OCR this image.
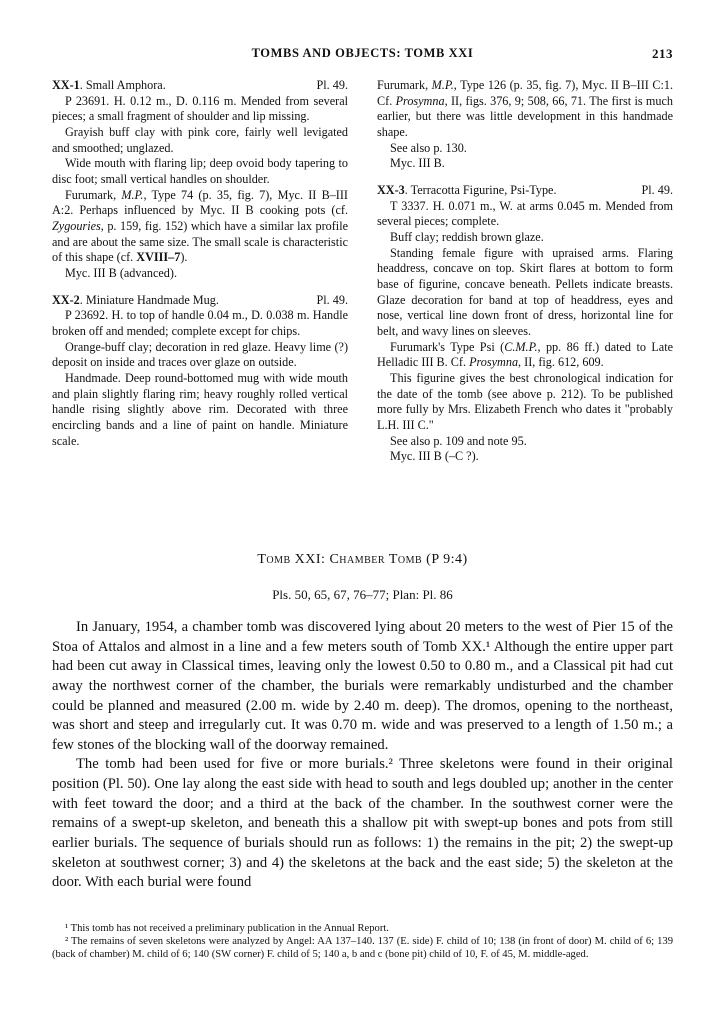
TOMBS AND OBJECTS: TOMB XXI	213

XX-1. Small Amphora.	Pl. 49.

P 23691. H. 0.12 m., D. 0.116 m. Mended from several pieces; a small fragment of shoulder and lip missing.

Grayish buff clay with pink core, fairly well levigated and smoothed; unglazed.

Wide mouth with flaring lip; deep ovoid body tapering to disc foot; small vertical handles on shoulder.

Furumark, M.P., Type 74 (p. 35, fig. 7), Myc. II B–III A:2. Perhaps influenced by Myc. II B cooking pots (cf. Zygouries, p. 159, fig. 152) which have a similar lax profile and are about the same size. The small scale is characteristic of this shape (cf. XVIII–7).

Myc. III B (advanced).

XX-2. Miniature Handmade Mug.	Pl. 49.

P 23692. H. to top of handle 0.04 m., D. 0.038 m. Handle broken off and mended; complete except for chips.

Orange-buff clay; decoration in red glaze. Heavy lime (?) deposit on inside and traces over glaze on outside.

Handmade. Deep round-bottomed mug with wide mouth and plain slightly flaring rim; heavy roughly rolled vertical handle rising slightly above rim. Decorated with three encircling bands and a line of paint on handle. Miniature scale.

Furumark, M.P., Type 126 (p. 35, fig. 7), Myc. II B–III C:1. Cf. Prosymna, II, figs. 376, 9; 508, 66, 71. The first is much earlier, but there was little development in this handmade shape.

See also p. 130.

Myc. III B.

XX-3. Terracotta Figurine, Psi-Type.	Pl. 49.

T 3337. H. 0.071 m., W. at arms 0.045 m. Mended from several pieces; complete.

Buff clay; reddish brown glaze.

Standing female figure with upraised arms. Flaring headdress, concave on top. Skirt flares at bottom to form base of figurine, concave beneath. Pellets indicate breasts. Glaze decoration for band at top of headdress, eyes and nose, vertical line down front of dress, horizontal line for belt, and wavy lines on sleeves.

Furumark's Type Psi (C.M.P., pp. 86 ff.) dated to Late Helladic III B. Cf. Prosymna, II, fig. 612, 609.

This figurine gives the best chronological indication for the date of the tomb (see above p. 212). To be published more fully by Mrs. Elizabeth French who dates it "probably L.H. III C."

See also p. 109 and note 95.

Myc. III B (–C ?).

Tomb XXI: Chamber Tomb (P 9:4)
Pls. 50, 65, 67, 76–77; Plan: Pl. 86

In January, 1954, a chamber tomb was discovered lying about 20 meters to the west of Pier 15 of the Stoa of Attalos and almost in a line and a few meters south of Tomb XX.¹ Although the entire upper part had been cut away in Classical times, leaving only the lowest 0.50 to 0.80 m., and a Classical pit had cut away the northwest corner of the chamber, the burials were remarkably undisturbed and the chamber could be planned and measured (2.00 m. wide by 2.40 m. deep). The dromos, opening to the northeast, was short and steep and irregularly cut. It was 0.70 m. wide and was preserved to a length of 1.50 m.; a few stones of the blocking wall of the doorway remained.

The tomb had been used for five or more burials.² Three skeletons were found in their original position (Pl. 50). One lay along the east side with head to south and legs doubled up; another in the center with feet toward the door; and a third at the back of the chamber. In the southwest corner were the remains of a swept-up skeleton, and beneath this a shallow pit with swept-up bones and pots from still earlier burials. The sequence of burials should run as follows: 1) the remains in the pit; 2) the swept-up skeleton at southwest corner; 3) and 4) the skeletons at the back and the east side; 5) the skeleton at the door. With each burial were found

¹ This tomb has not received a preliminary publication in the Annual Report.

² The remains of seven skeletons were analyzed by Angel: AA 137–140. 137 (E. side) F. child of 10; 138 (in front of door) M. child of 6; 139 (back of chamber) M. child of 6; 140 (SW corner) F. child of 5; 140 a, b and c (bone pit) child of 10, F. of 45, M. middle-aged.
